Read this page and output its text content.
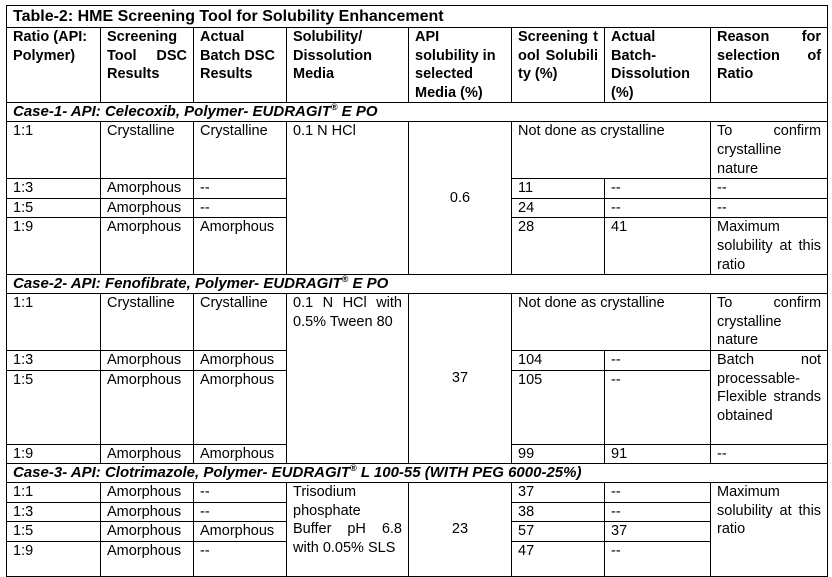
Table-2: HME Screening Tool for Solubility Enhancement							
Ratio (API: Polymer)	Screening Tool DSC Results	Actual Batch DSC Results	Solubility/ Dissolution Media	API solubility in selected Media (%)	Screening tool Solubility (%)	Actual Batch-Dissolution (%)	Reason for selection of Ratio
Case-1- API: Celecoxib, Polymer- EUDRAGIT® E PO							
1:1	Crystalline	Crystalline	0.1 N HCl	0.6	Not done as crystalline		To confirm crystalline nature
1:3	Amorphous	--			11	--	--
1:5	Amorphous	--			24	--	--
1:9	Amorphous	Amorphous			28	41	Maximum solubility at this ratio
Case-2- API: Fenofibrate, Polymer- EUDRAGIT® E PO							
1:1	Crystalline	Crystalline	0.1 N HCl with 0.5% Tween 80	37	Not done as crystalline		To confirm crystalline nature
1:3	Amorphous	Amorphous			104	--	Batch not processable-Flexible strands obtained
1:5	Amorphous	Amorphous			105	--	
1:9	Amorphous	Amorphous			99	91	--
Case-3- API: Clotrimazole, Polymer- EUDRAGIT® L 100-55 (WITH PEG 6000-25%)							
1:1	Amorphous	--	Trisodium phosphate Buffer pH 6.8 with 0.05% SLS	23	37	--	Maximum solubility at this ratio
1:3	Amorphous	--			38	--	
1:5	Amorphous	Amorphous			57	37	
1:9	Amorphous	--			47	--	
